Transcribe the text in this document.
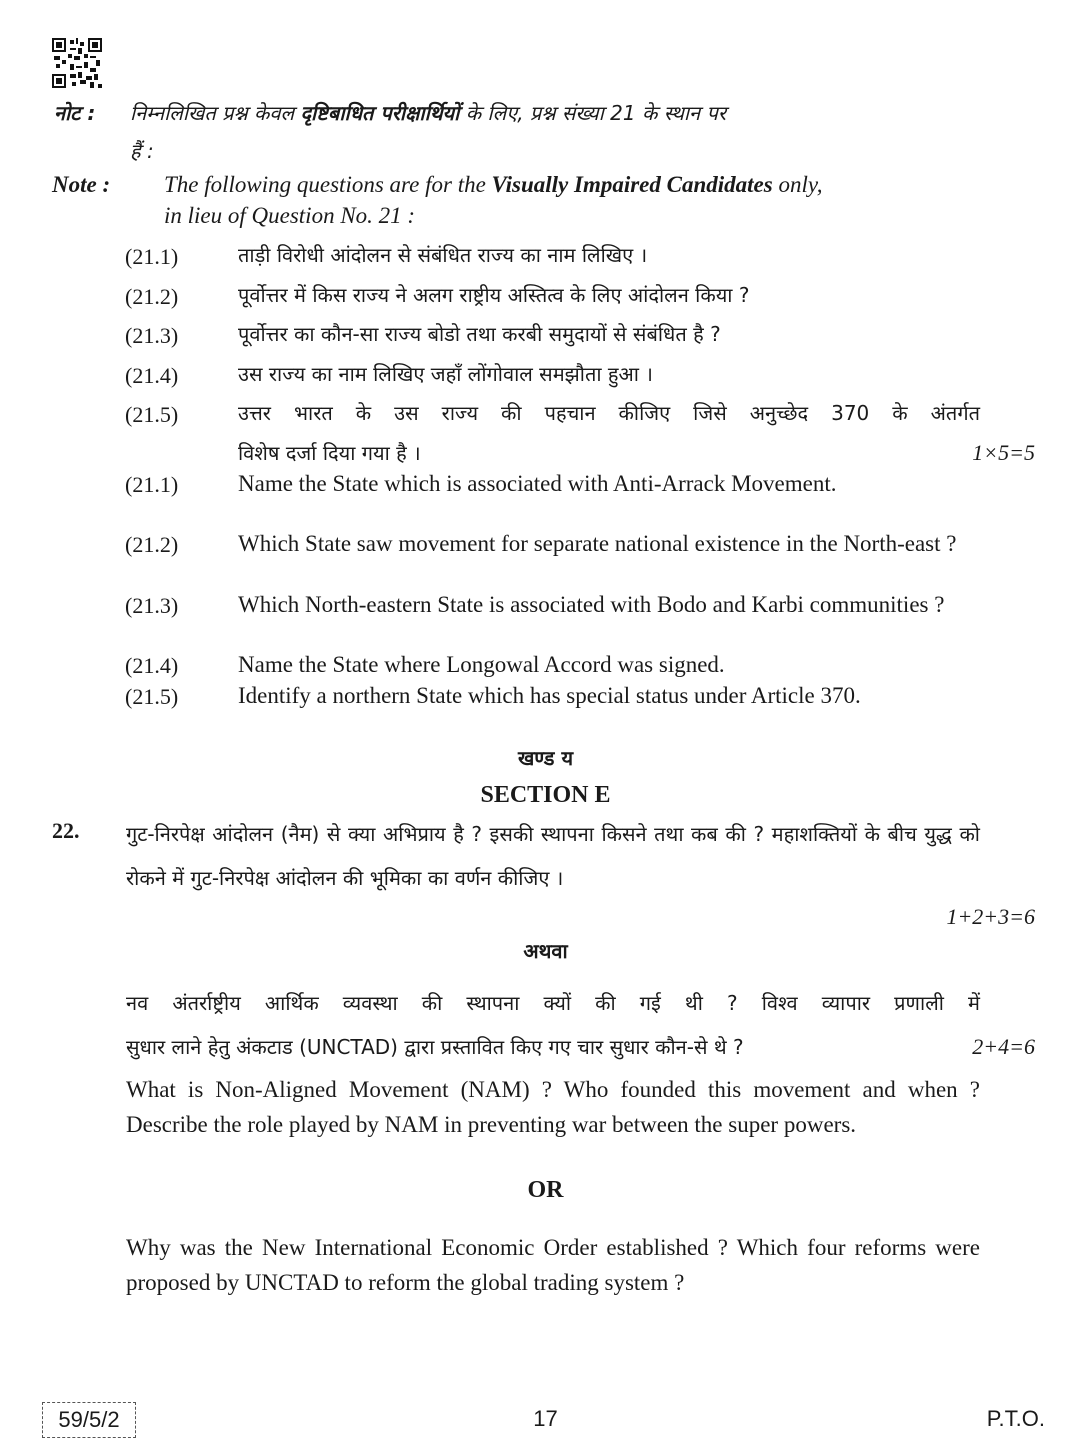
नोट : निम्नलिखित प्रश्न केवल दृष्टिबाधित परीक्षार्थियों के लिए, प्रश्न संख्या 21 के स्थान पर
हैं :
Note : The following questions are for the Visually Impaired Candidates only,
in lieu of Question No. 21 :
(21.1)	ताड़ी विरोधी आंदोलन से संबंधित राज्य का नाम लिखिए ।
(21.2)	पूर्वोत्तर में किस राज्य ने अलग राष्ट्रीय अस्तित्व के लिए आंदोलन किया ?
(21.3)	पूर्वोत्तर का कौन-सा राज्य बोडो तथा करबी समुदायों से संबंधित है ?
(21.4)	उस राज्य का नाम लिखिए जहाँ लोंगोवाल समझौता हुआ ।
(21.5)	उत्तर भारत के उस राज्य की पहचान कीजिए जिसे अनुच्छेद 370 के अंतर्गत
विशेष दर्जा दिया गया है ।	1×5=5
(21.1)	Name the State which is associated with Anti-Arrack Movement.
(21.2)	Which State saw movement for separate national existence in the North-east ?
(21.3)	Which North-eastern State is associated with Bodo and Karbi communities ?
(21.4)	Name the State where Longowal Accord was signed.
(21.5)	Identify a northern State which has special status under Article 370.
खण्ड य
SECTION E
22. गुट-निरपेक्ष आंदोलन (नैम) से क्या अभिप्राय है ? इसकी स्थापना किसने तथा कब की ? महाशक्तियों के बीच युद्ध को रोकने में गुट-निरपेक्ष आंदोलन की भूमिका का वर्णन कीजिए ।
1+2+3=6
अथवा
नव अंतर्राष्ट्रीय आर्थिक व्यवस्था की स्थापना क्यों की गई थी ? विश्व व्यापार प्रणाली में
सुधार लाने हेतु अंकटाड (UNCTAD) द्वारा प्रस्तावित किए गए चार सुधार कौन-से थे ?	2+4=6
What is Non-Aligned Movement (NAM) ? Who founded this movement and when ? Describe the role played by NAM in preventing war between the super powers.
OR
Why was the New International Economic Order established ? Which four reforms were proposed by UNCTAD to reform the global trading system ?
59/5/2	17	P.T.O.
